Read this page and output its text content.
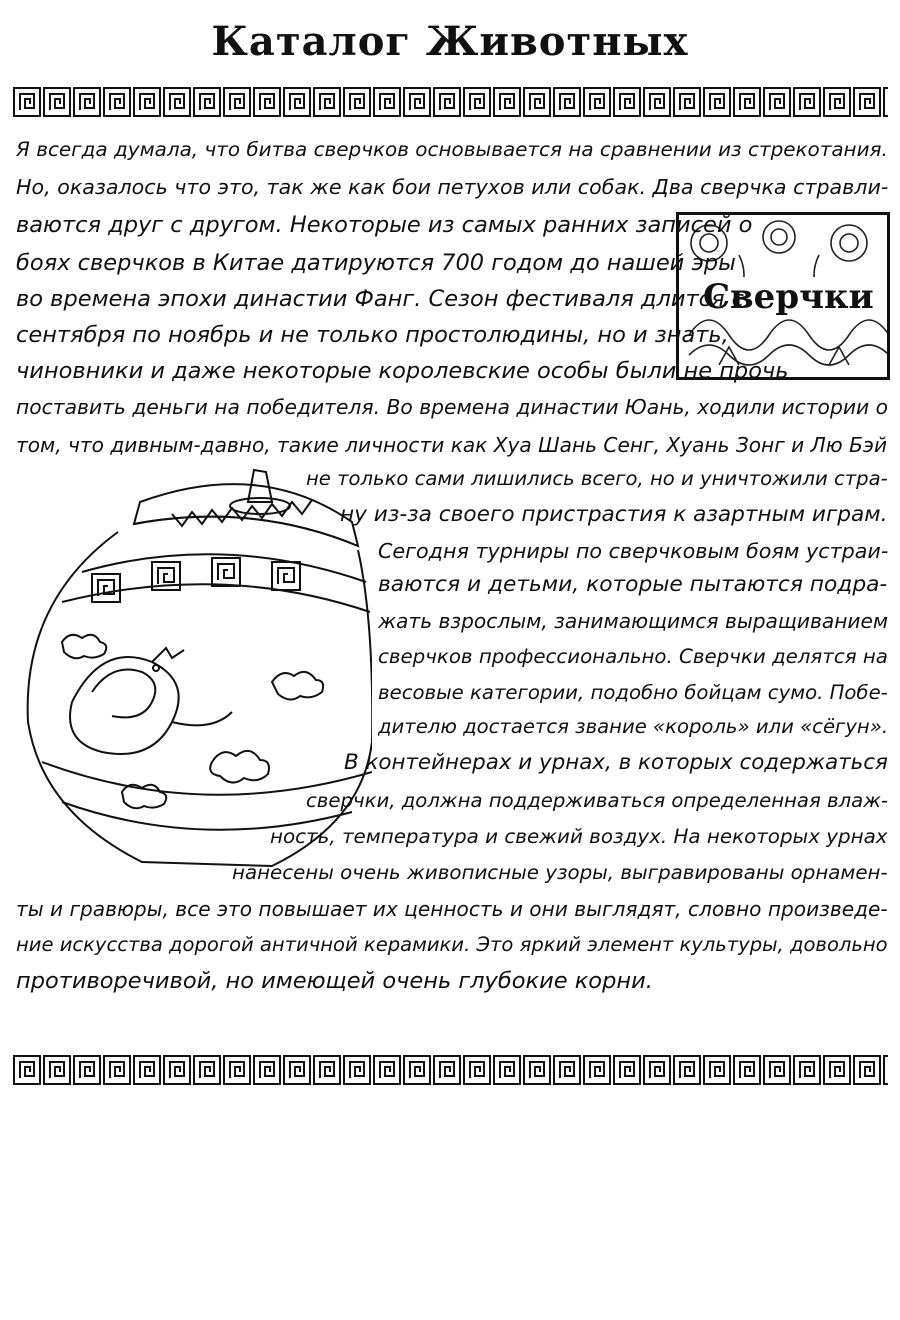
Каталог Животных
Сверчки
Я всегда думала, что битва сверчков основывается на сравнении из стрекотания.
Но, оказалось что это, так же как бои петухов или собак. Два сверчка стравли-
ваются друг с другом. Некоторые из самых ранних записей о
боях сверчков в Китае датируются 700 годом до нашей эры
во времена эпохи династии Фанг. Сезон фестиваля длится с
сентября по ноябрь и не только простолюдины, но и знать,
чиновники и даже некоторые королевские особы были не прочь
поставить деньги на победителя. Во времена династии Юань, ходили истории о
том, что дивным-давно, такие личности как Хуа Шань Сенг, Хуань Зонг и Лю Бэй
не только сами лишились всего, но и уничтожили стра-
ну из-за своего пристрастия к азартным играм.
Сегодня турниры по сверчковым боям устраи-
ваются и детьми, которые пытаются подра-
жать взрослым, занимающимся выращиванием
сверчков профессионально. Сверчки делятся на
весовые категории, подобно бойцам сумо. Побе-
дителю достается звание «король» или «сёгун».
В контейнерах и урнах, в которых содержаться
сверчки, должна поддерживаться определенная влаж-
ность, температура и свежий воздух. На некоторых урнах
нанесены очень живописные узоры, выгравированы орнамен-
ты и гравюры, все это повышает их ценность и они выглядят, словно произведе-
ние искусства дорогой античной керамики. Это яркий элемент культуры, довольно
противоречивой, но имеющей очень глубокие корни.
